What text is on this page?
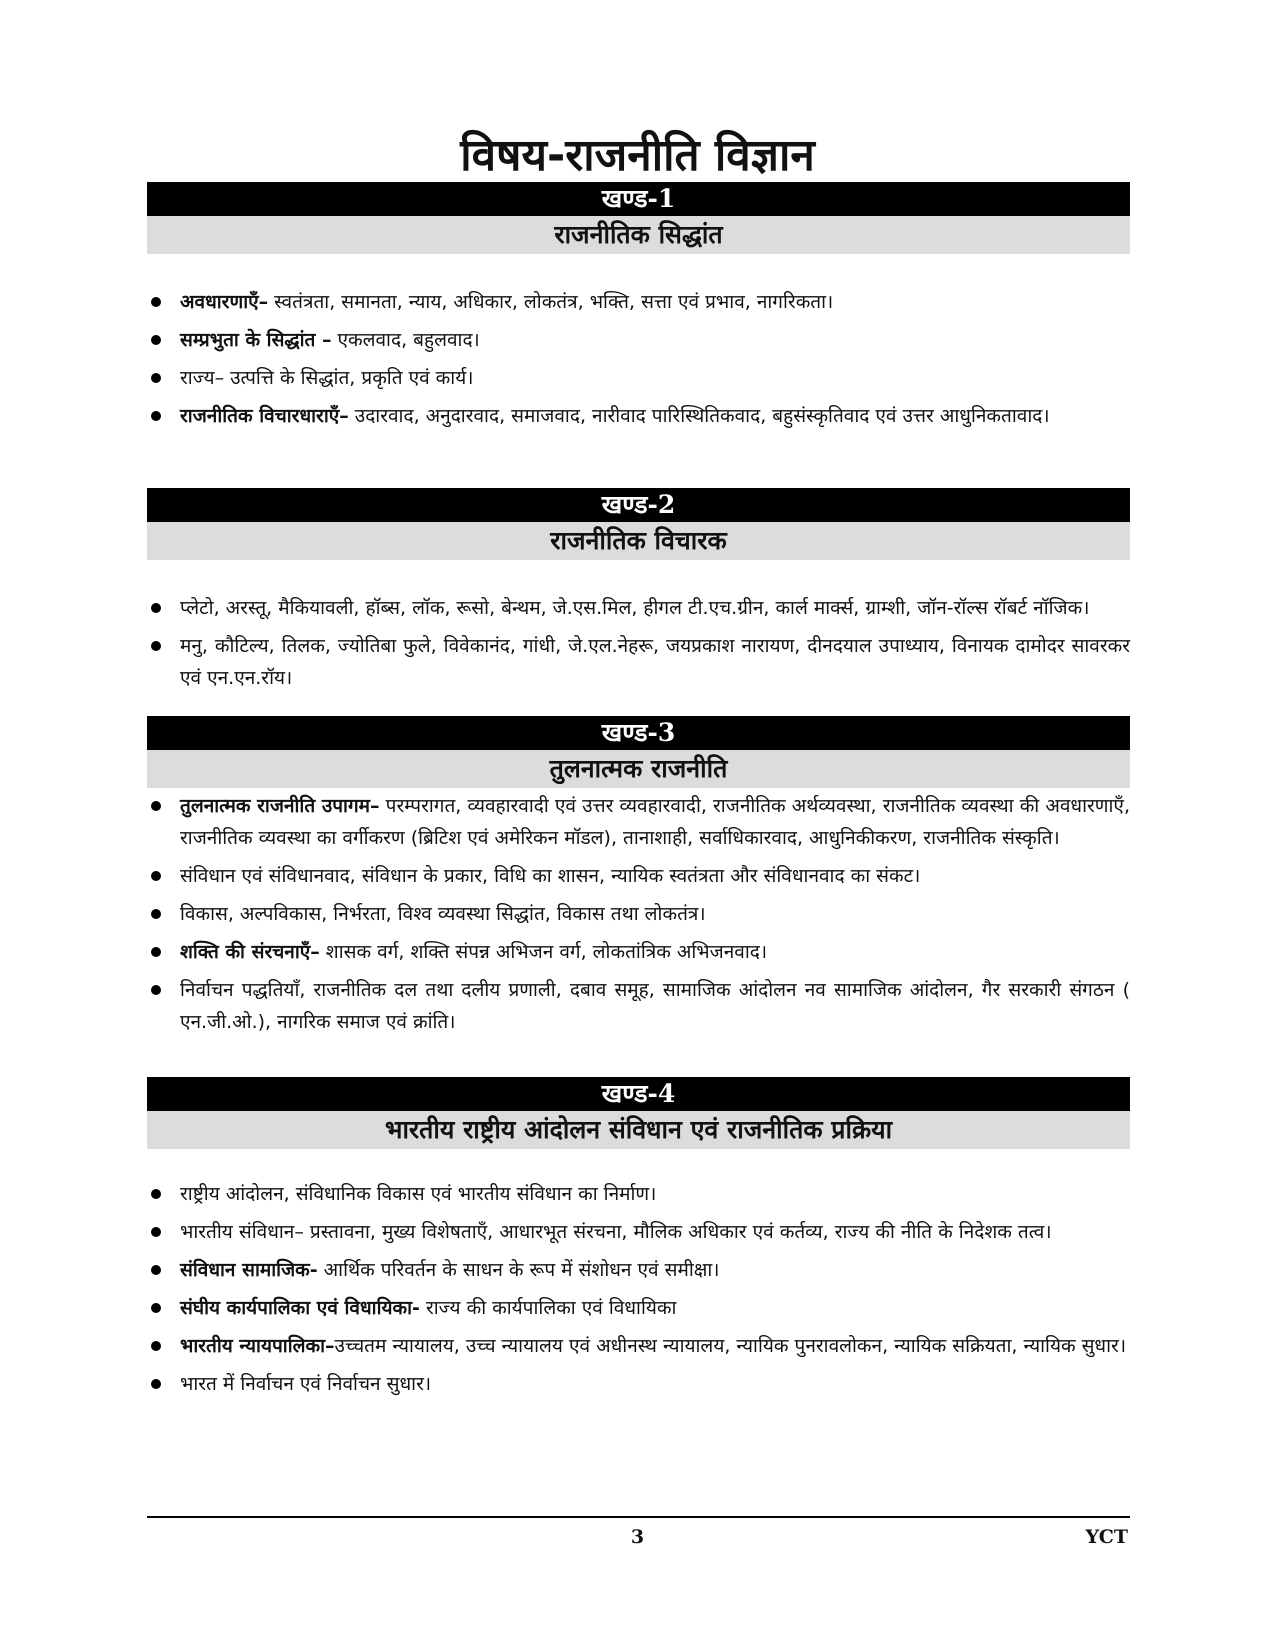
विषय-राजनीति विज्ञान
खण्ड-1
राजनीतिक सिद्धांत
अवधारणाएँ– स्वतंत्रता, समानता, न्याय, अधिकार, लोकतंत्र, भक्ति, सत्ता एवं प्रभाव, नागरिकता।
सम्प्रभुता के सिद्धांत – एकलवाद, बहुलवाद।
राज्य– उत्पत्ति के सिद्धांत, प्रकृति एवं कार्य।
राजनीतिक विचारधाराएँ– उदारवाद, अनुदारवाद, समाजवाद, नारीवाद पारिस्थितिकवाद, बहुसंस्कृतिवाद एवं उत्तर आधुनिकतावाद।
खण्ड-2
राजनीतिक विचारक
प्लेटो, अरस्तू, मैकियावली, हॉब्स, लॉक, रूसो, बेन्थम, जे.एस.मिल, हीगल टी.एच.ग्रीन, कार्ल मार्क्स, ग्राम्शी, जॉन-रॉल्स रॉबर्ट नॉजिक।
मनु, कौटिल्य, तिलक, ज्योतिबा फुले, विवेकानंद, गांधी, जे.एल.नेहरू, जयप्रकाश नारायण, दीनदयाल उपाध्याय, विनायक दामोदर सावरकर एवं एन.एन.रॉय।
खण्ड-3
तुलनात्मक राजनीति
तुलनात्मक राजनीति उपागम– परम्परागत, व्यवहारवादी एवं उत्तर व्यवहारवादी, राजनीतिक अर्थव्यवस्था, राजनीतिक व्यवस्था की अवधारणाएँ, राजनीतिक व्यवस्था का वर्गीकरण (ब्रिटिश एवं अमेरिकन मॉडल), तानाशाही, सर्वाधिकारवाद, आधुनिकीकरण, राजनीतिक संस्कृति।
संविधान एवं संविधानवाद, संविधान के प्रकार, विधि का शासन, न्यायिक स्वतंत्रता और संविधानवाद का संकट।
विकास, अल्पविकास, निर्भरता, विश्व व्यवस्था सिद्धांत, विकास तथा लोकतंत्र।
शक्ति की संरचनाएँ– शासक वर्ग, शक्ति संपन्न अभिजन वर्ग, लोकतांत्रिक अभिजनवाद।
निर्वाचन पद्धतियाँ, राजनीतिक दल तथा दलीय प्रणाली, दबाव समूह, सामाजिक आंदोलन नव सामाजिक आंदोलन, गैर सरकारी संगठन ( एन.जी.ओ.), नागरिक समाज एवं क्रांति।
खण्ड-4
भारतीय राष्ट्रीय आंदोलन संविधान एवं राजनीतिक प्रक्रिया
राष्ट्रीय आंदोलन, संविधानिक विकास एवं भारतीय संविधान का निर्माण।
भारतीय संविधान– प्रस्तावना, मुख्य विशेषताएँ, आधारभूत संरचना, मौलिक अधिकार एवं कर्तव्य, राज्य की नीति के निदेशक तत्व।
संविधान सामाजिक- आर्थिक परिवर्तन के साधन के रूप में संशोधन एवं समीक्षा।
संघीय कार्यपालिका एवं विधायिका- राज्य की कार्यपालिका एवं विधायिका
भारतीय न्यायपालिका–उच्चतम न्यायालय, उच्च न्यायालय एवं अधीनस्थ न्यायालय, न्यायिक पुनरावलोकन, न्यायिक सक्रियता, न्यायिक सुधार।
भारत में निर्वाचन एवं निर्वाचन सुधार।
3	YCT
